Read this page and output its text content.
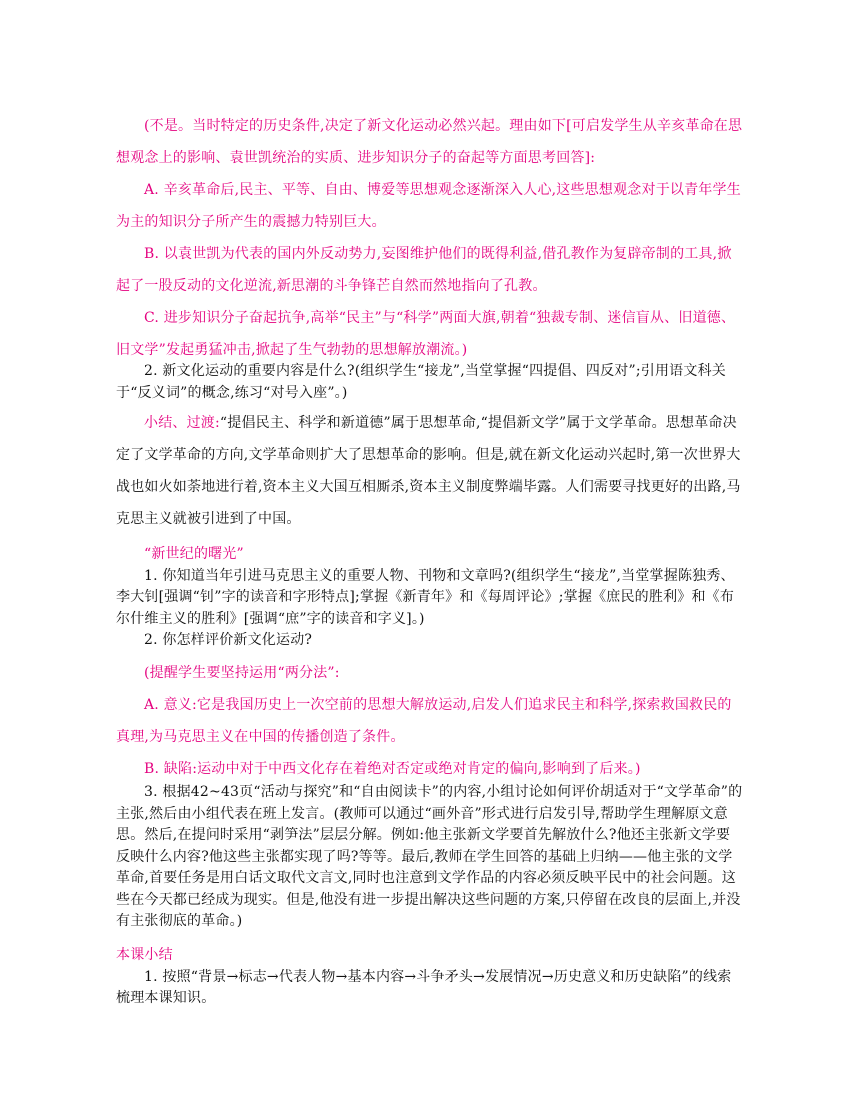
(不是。当时特定的历史条件,决定了新文化运动必然兴起。理由如下[可启发学生从辛亥革命在思想观念上的影响、袁世凯统治的实质、进步知识分子的奋起等方面思考回答]:

A. 辛亥革命后,民主、平等、自由、博爱等思想观念逐渐深入人心,这些思想观念对于以青年学生为主的知识分子所产生的震撼力特别巨大。

B. 以袁世凯为代表的国内外反动势力,妄图维护他们的既得利益,借孔教作为复辟帝制的工具,掀起了一股反动的文化逆流,新思潮的斗争锋芒自然而然地指向了孔教。

C. 进步知识分子奋起抗争,高举“民主”与“科学”两面大旗,朝着“独裁专制、迷信盲从、旧道德、旧文学”发起勇猛冲击,掀起了生气勃勃的思想解放潮流。)

2. 新文化运动的重要内容是什么?(组织学生“接龙”,当堂掌握“四提倡、四反对”;引用语文科关于“反义词”的概念,练习“对号入座”。)

小结、过渡:“提倡民主、科学和新道德”属于思想革命,“提倡新文学”属于文学革命。思想革命决定了文学革命的方向,文学革命则扩大了思想革命的影响。但是,就在新文化运动兴起时,第一次世界大战也如火如荼地进行着,资本主义大国互相厮杀,资本主义制度弊端毕露。人们需要寻找更好的出路,马克思主义就被引进到了中国。

“新世纪的曙光”

1. 你知道当年引进马克思主义的重要人物、刊物和文章吗?(组织学生“接龙”,当堂掌握陈独秀、李大钊[强调“钊”字的读音和字形特点];掌握《新青年》和《每周评论》;掌握《庶民的胜利》和《布尔什维主义的胜利》[强调“庶”字的读音和字义]。)

2. 你怎样评价新文化运动?

(提醒学生要坚持运用“两分法”:

A. 意义:它是我国历史上一次空前的思想大解放运动,启发人们追求民主和科学,探索救国救民的真理,为马克思主义在中国的传播创造了条件。

B. 缺陷:运动中对于中西文化存在着绝对否定或绝对肯定的偏向,影响到了后来。)

3. 根据42~43页“活动与探究”和“自由阅读卡”的内容,小组讨论如何评价胡适对于“文学革命”的主张,然后由小组代表在班上发言。(教师可以通过“画外音”形式进行启发引导,帮助学生理解原文意思。然后,在提问时采用“剥笋法”层层分解。例如:他主张新文学要首先解放什么?他还主张新文学要反映什么内容?他这些主张都实现了吗?等等。最后,教师在学生回答的基础上归纳——他主张的文学革命,首要任务是用白话文取代文言文,同时也注意到文学作品的内容必须反映平民中的社会问题。这些在今天都已经成为现实。但是,他没有进一步提出解决这些问题的方案,只停留在改良的层面上,并没有主张彻底的革命。)

本课小结

1. 按照“背景→标志→代表人物→基本内容→斗争矛头→发展情况→历史意义和历史缺陷”的线索梳理本课知识。
